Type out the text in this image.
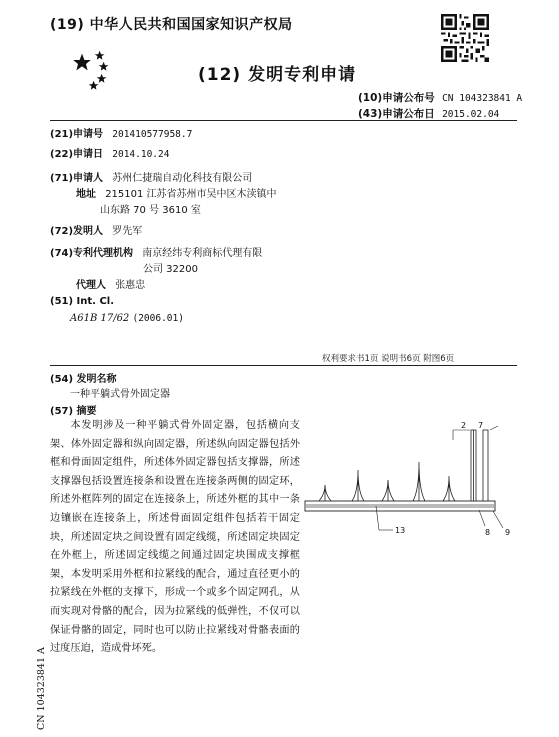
(19) 中华人民共和国国家知识产权局
(12) 发明专利申请
(10)申请公布号 CN 104323841 A
(43)申请公布日 2015.02.04
(21)申请号 201410577958.7
(22)申请日 2014.10.24
(71)申请人 苏州仁捷瑞自动化科技有限公司
地址 215101 江苏省苏州市吴中区木渎镇中
山东路 70 号 3610 室
(72)发明人 罗先军
(74)专利代理机构 南京经纬专利商标代理有限
公司 32200
代理人 张惠忠
(51) Int. Cl.
A61B 17/62 (2006.01)
权利要求书1页 说明书6页 附图6页
(54) 发明名称
一种平躺式骨外固定器
(57) 摘要

本发明涉及一种平躺式骨外固定器，包括横向支架、体外固定器和纵向固定器，所述纵向固定器包括外框和骨面固定组件，所述体外固定器包括支撑器，所述支撑器包括设置连接条和设置在连接条两侧的固定环，所述外框阵列的固定在连接条上，所述外框的其中一条边镶嵌在连接条上，所述骨面固定组件包括若干固定块，所述固定块之间设置有固定线缆，所述固定块固定在外框上，所述固定线缆之间通过固定块围成支撑框架，本发明采用外框和拉紧线的配合，通过直径更小的拉紧线在外框的支撑下，形成一个或多个固定网孔，从而实现对骨骼的配合，因为拉紧线的低弹性，不仅可以保证骨骼的固定，同时也可以防止拉紧线对骨骼表面的过度压迫，造成骨坏死。

2 7
13	8 9
CN 104323841 A
